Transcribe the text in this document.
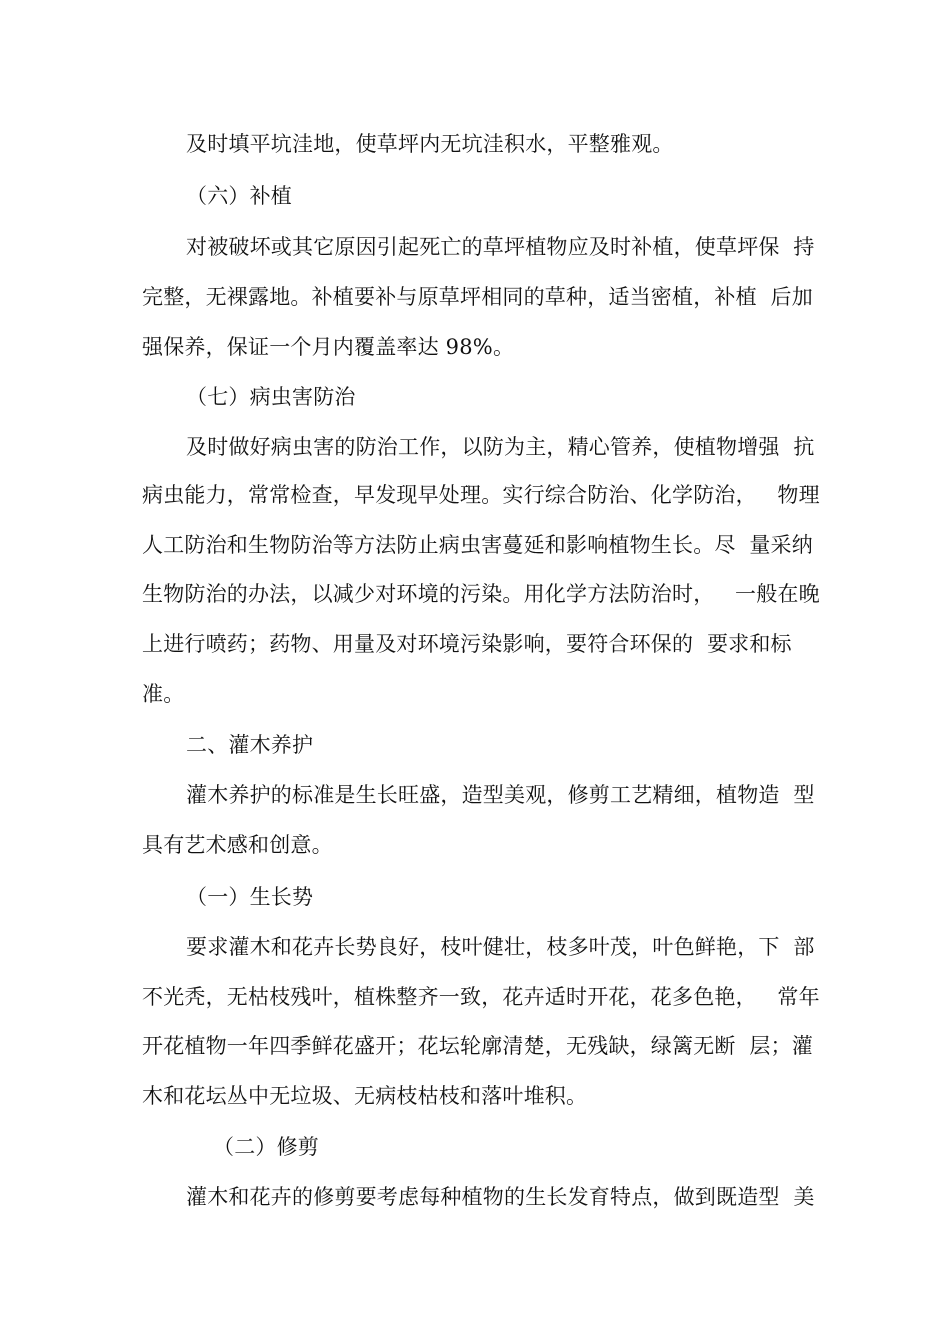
及时填平坑洼地，使草坪内无坑洼积水，平整雅观。
（六）补植
对被破坏或其它原因引起死亡的草坪植物应及时补植，使草坪保  持
完整，无裸露地。补植要补与原草坪相同的草种，适当密植，补植  后加
强保养，保证一个月内覆盖率达 98%。
（七）病虫害防治
及时做好病虫害的防治工作，以防为主，精心管养，使植物增强  抗
病虫能力，常常检查，早发现早处理。实行综合防治、化学防治，   物理
人工防治和生物防治等方法防止病虫害蔓延和影响植物生长。尽  量采纳
生物防治的办法，以减少对环境的污染。用化学方法防治时，   一般在晚
上进行喷药；药物、用量及对环境污染影响，要符合环保的  要求和标
准。
二、灌木养护
灌木养护的标准是生长旺盛，造型美观，修剪工艺精细，植物造  型
具有艺术感和创意。
（一）生长势
要求灌木和花卉长势良好，枝叶健壮，枝多叶茂，叶色鲜艳，下  部
不光秃，无枯枝残叶，植株整齐一致，花卉适时开花，花多色艳，   常年
开花植物一年四季鲜花盛开；花坛轮廓清楚，无残缺，绿篱无断  层；灌
木和花坛丛中无垃圾、无病枝枯枝和落叶堆积。
（二）修剪
灌木和花卉的修剪要考虑每种植物的生长发育特点，做到既造型  美
